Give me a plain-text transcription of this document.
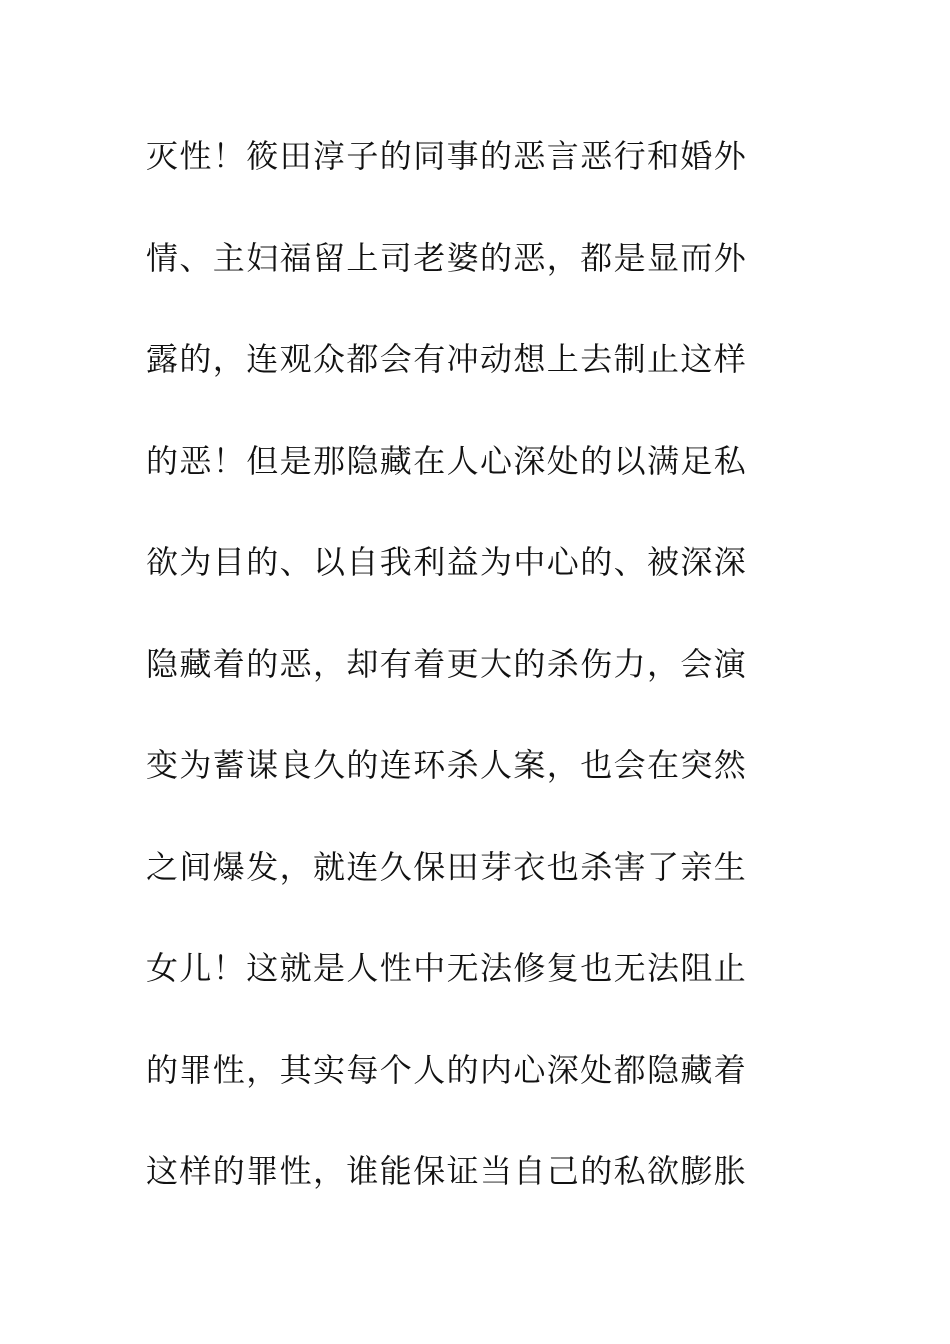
灭性！筱田淳子的同事的恶言恶行和婚外
情、主妇福留上司老婆的恶，都是显而外
露的，连观众都会有冲动想上去制止这样
的恶！但是那隐藏在人心深处的以满足私
欲为目的、以自我利益为中心的、被深深
隐藏着的恶，却有着更大的杀伤力，会演
变为蓄谋良久的连环杀人案，也会在突然
之间爆发，就连久保田芽衣也杀害了亲生
女儿！这就是人性中无法修复也无法阻止
的罪性，其实每个人的内心深处都隐藏着
这样的罪性，谁能保证当自己的私欲膨胀
